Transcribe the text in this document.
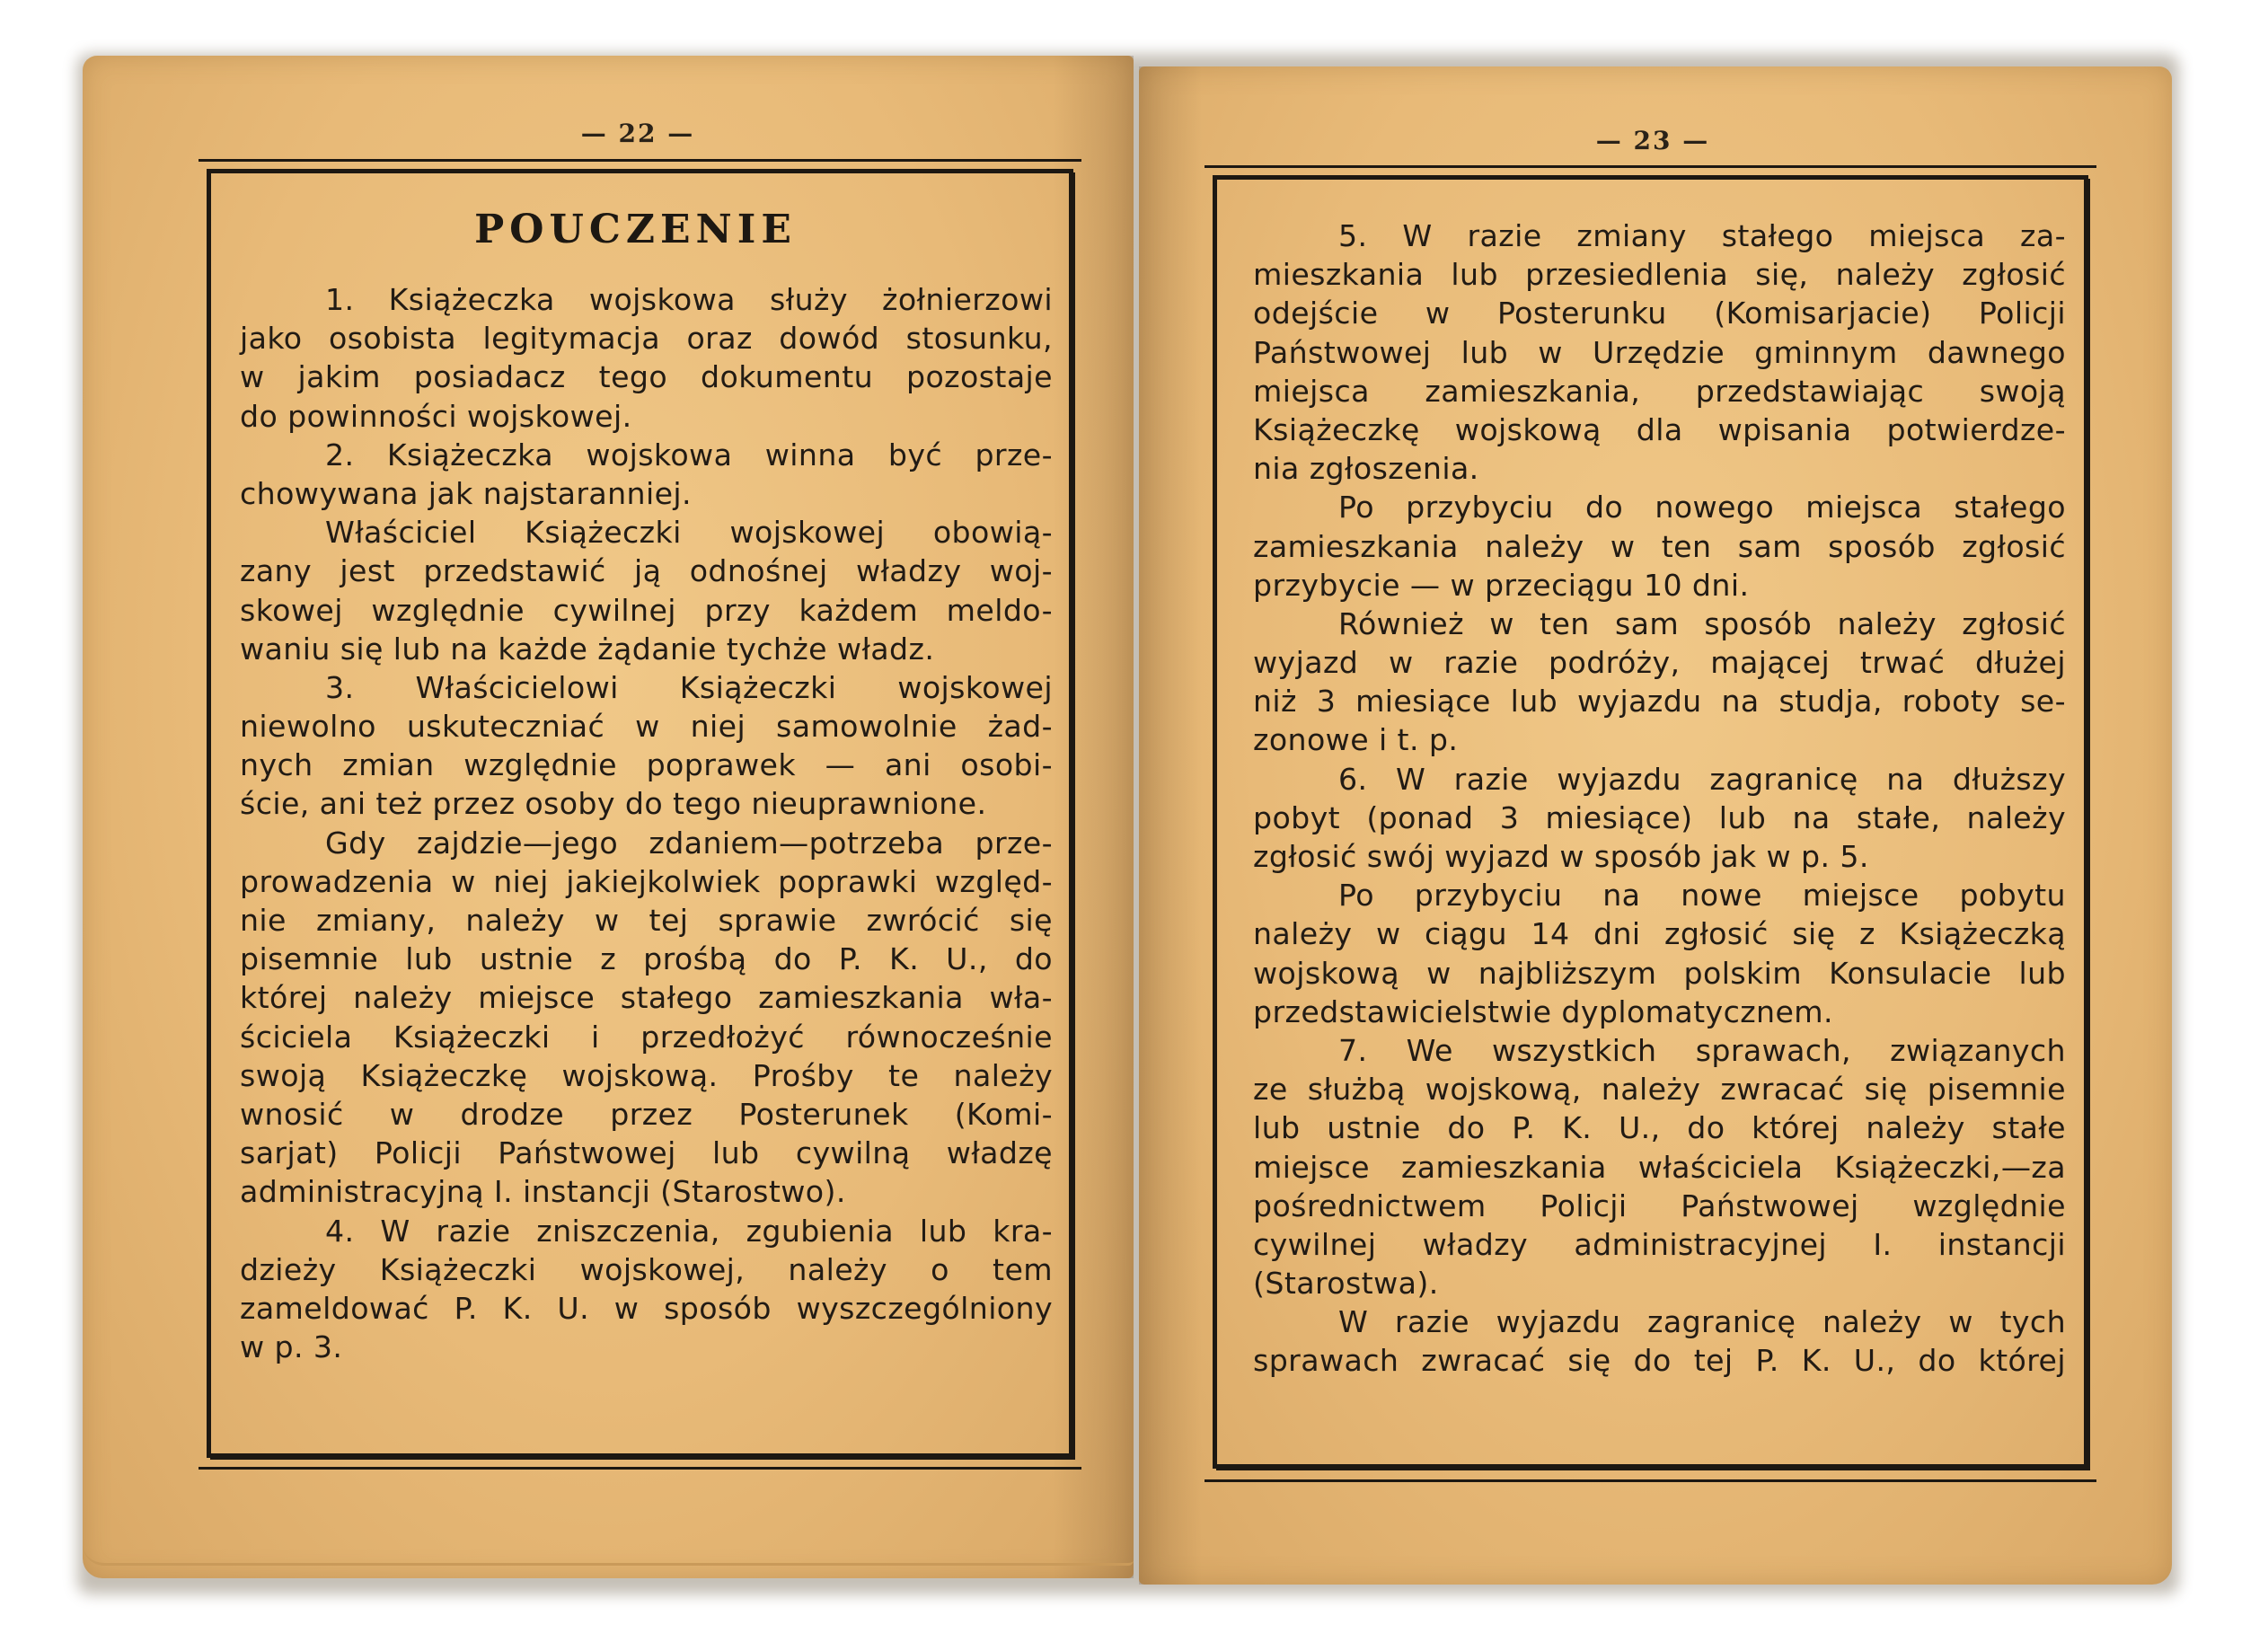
— 22 —	— 23 —
POUCZENIE
1. Książeczka wojskowa służy żołnierzowi
jako osobista legitymacja oraz dowód stosunku,
w jakim posiadacz tego dokumentu pozostaje
do powinności wojskowej.
2. Książeczka wojskowa winna być prze-
chowywana jak najstaranniej.
Właściciel Książeczki wojskowej obowią-
zany jest przedstawić ją odnośnej władzy woj-
skowej względnie cywilnej przy każdem meldo-
waniu się lub na każde żądanie tychże władz.
3. Właścicielowi Książeczki wojskowej
niewolno uskuteczniać w niej samowolnie żad-
nych zmian względnie poprawek — ani osobi-
ście, ani też przez osoby do tego nieuprawnione.
Gdy zajdzie—jego zdaniem—potrzeba prze-
prowadzenia w niej jakiejkolwiek poprawki względ-
nie zmiany, należy w tej sprawie zwrócić się
pisemnie lub ustnie z prośbą do P. K. U., do
której należy miejsce stałego zamieszkania wła-
ściciela Książeczki i przedłożyć równocześnie
swoją Książeczkę wojskową. Prośby te należy
wnosić w drodze przez Posterunek (Komi-
sarjat) Policji Państwowej lub cywilną władzę
administracyjną I. instancji (Starostwo).
4. W razie zniszczenia, zgubienia lub kra-
dzieży Książeczki wojskowej, należy o tem
zameldować P. K. U. w sposób wyszczególniony
w p. 3.
5. W razie zmiany stałego miejsca za-
mieszkania lub przesiedlenia się, należy zgłosić
odejście w Posterunku (Komisarjacie) Policji
Państwowej lub w Urzędzie gminnym dawnego
miejsca zamieszkania, przedstawiając swoją
Książeczkę wojskową dla wpisania potwierdze-
nia zgłoszenia.
Po przybyciu do nowego miejsca stałego
zamieszkania należy w ten sam sposób zgłosić
przybycie — w przeciągu 10 dni.
Również w ten sam sposób należy zgłosić
wyjazd w razie podróży, mającej trwać dłużej
niż 3 miesiące lub wyjazdu na studja, roboty se-
zonowe i t. p.
6. W razie wyjazdu zagranicę na dłuższy
pobyt (ponad 3 miesiące) lub na stałe, należy
zgłosić swój wyjazd w sposób jak w p. 5.
Po przybyciu na nowe miejsce pobytu
należy w ciągu 14 dni zgłosić się z Książeczką
wojskową w najbliższym polskim Konsulacie lub
przedstawicielstwie dyplomatycznem.
7. We wszystkich sprawach, związanych
ze służbą wojskową, należy zwracać się pisemnie
lub ustnie do P. K. U., do której należy stałe
miejsce zamieszkania właściciela Książeczki,—za
pośrednictwem Policji Państwowej względnie
cywilnej władzy administracyjnej I. instancji
(Starostwa).
W razie wyjazdu zagranicę należy w tych
sprawach zwracać się do tej P. K. U., do której
